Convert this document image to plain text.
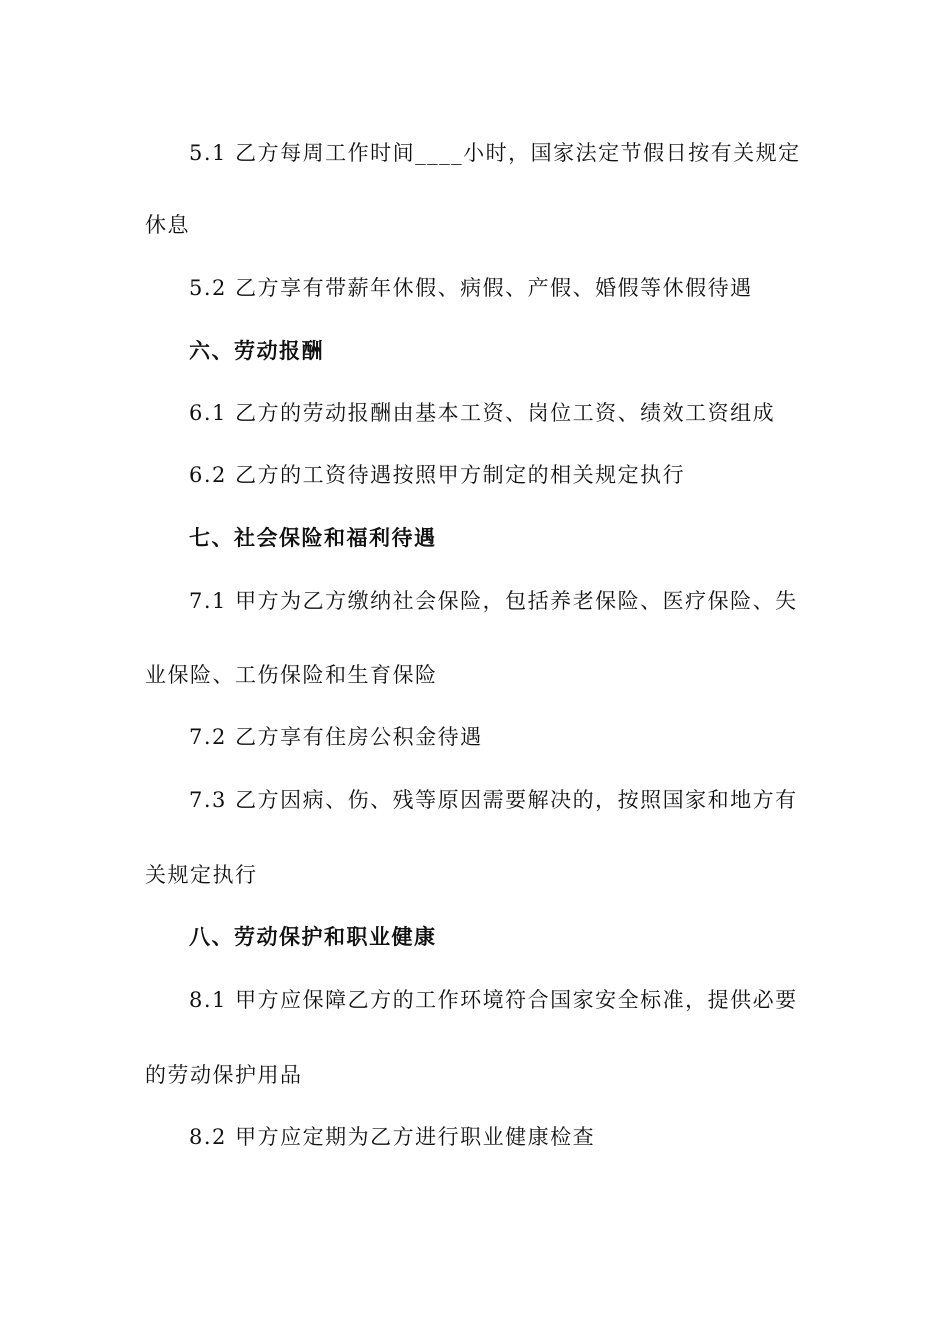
5.1 乙方每周工作时间____小时，国家法定节假日按有关规定
休息
5.2 乙方享有带薪年休假、病假、产假、婚假等休假待遇
六、劳动报酬
6.1 乙方的劳动报酬由基本工资、岗位工资、绩效工资组成
6.2 乙方的工资待遇按照甲方制定的相关规定执行
七、社会保险和福利待遇
7.1 甲方为乙方缴纳社会保险，包括养老保险、医疗保险、失
业保险、工伤保险和生育保险
7.2 乙方享有住房公积金待遇
7.3 乙方因病、伤、残等原因需要解决的，按照国家和地方有
关规定执行
八、劳动保护和职业健康
8.1 甲方应保障乙方的工作环境符合国家安全标准，提供必要
的劳动保护用品
8.2 甲方应定期为乙方进行职业健康检查
